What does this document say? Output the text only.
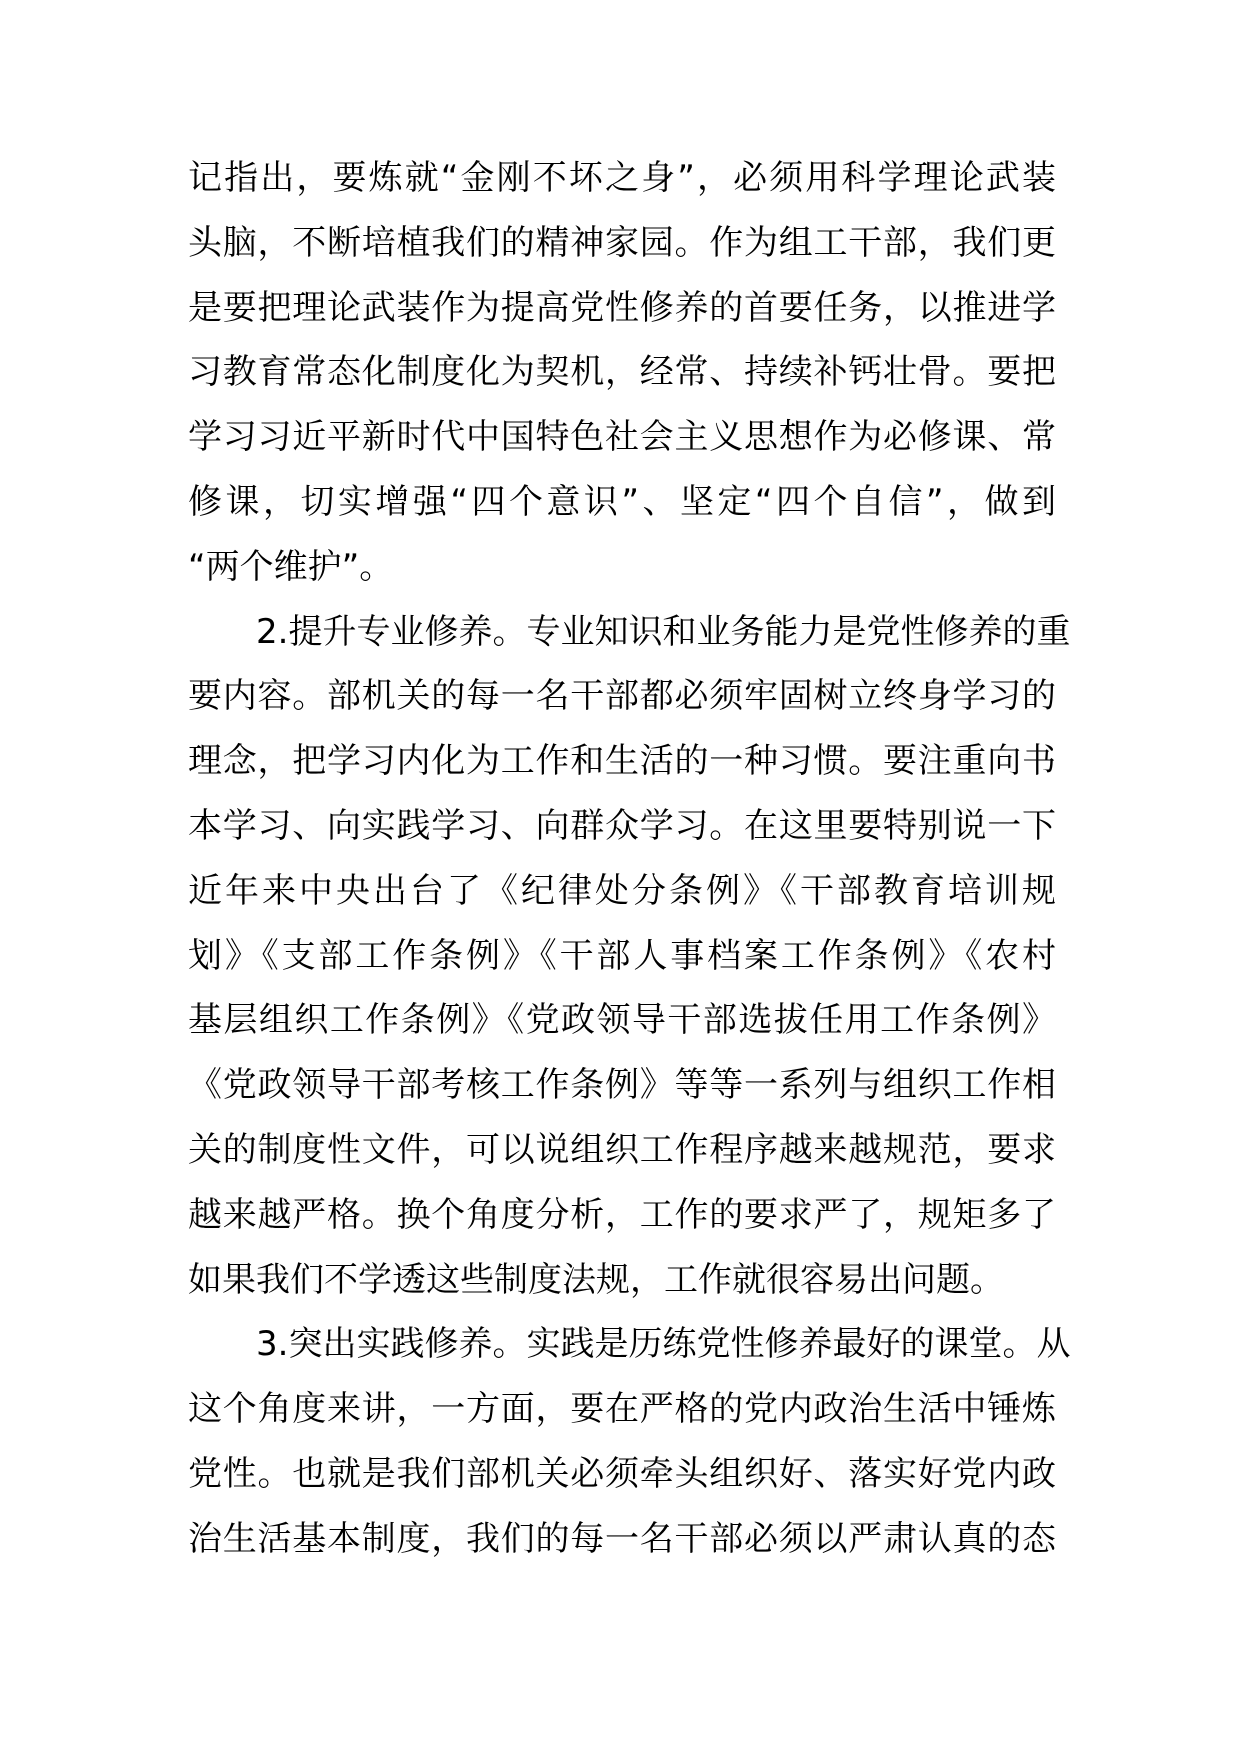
记指出，要炼就“金刚不坏之身”，必须用科学理论武装
头脑，不断培植我们的精神家园。作为组工干部，我们更
是要把理论武装作为提高党性修养的首要任务，以推进学
习教育常态化制度化为契机，经常、持续补钙壮骨。要把
学习习近平新时代中国特色社会主义思想作为必修课、常
修课，切实增强“四个意识”、坚定“四个自信”，做到
“两个维护”。
2.提升专业修养。专业知识和业务能力是党性修养的重
要内容。部机关的每一名干部都必须牢固树立终身学习的
理念，把学习内化为工作和生活的一种习惯。要注重向书
本学习、向实践学习、向群众学习。在这里要特别说一下
近年来中央出台了《纪律处分条例》《干部教育培训规
划》《支部工作条例》《干部人事档案工作条例》《农村
基层组织工作条例》《党政领导干部选拔任用工作条例》
《党政领导干部考核工作条例》等等一系列与组织工作相
关的制度性文件，可以说组织工作程序越来越规范，要求
越来越严格。换个角度分析，工作的要求严了，规矩多了
如果我们不学透这些制度法规，工作就很容易出问题。
3.突出实践修养。实践是历练党性修养最好的课堂。从
这个角度来讲，一方面，要在严格的党内政治生活中锤炼
党性。也就是我们部机关必须牵头组织好、落实好党内政
治生活基本制度，我们的每一名干部必须以严肃认真的态
